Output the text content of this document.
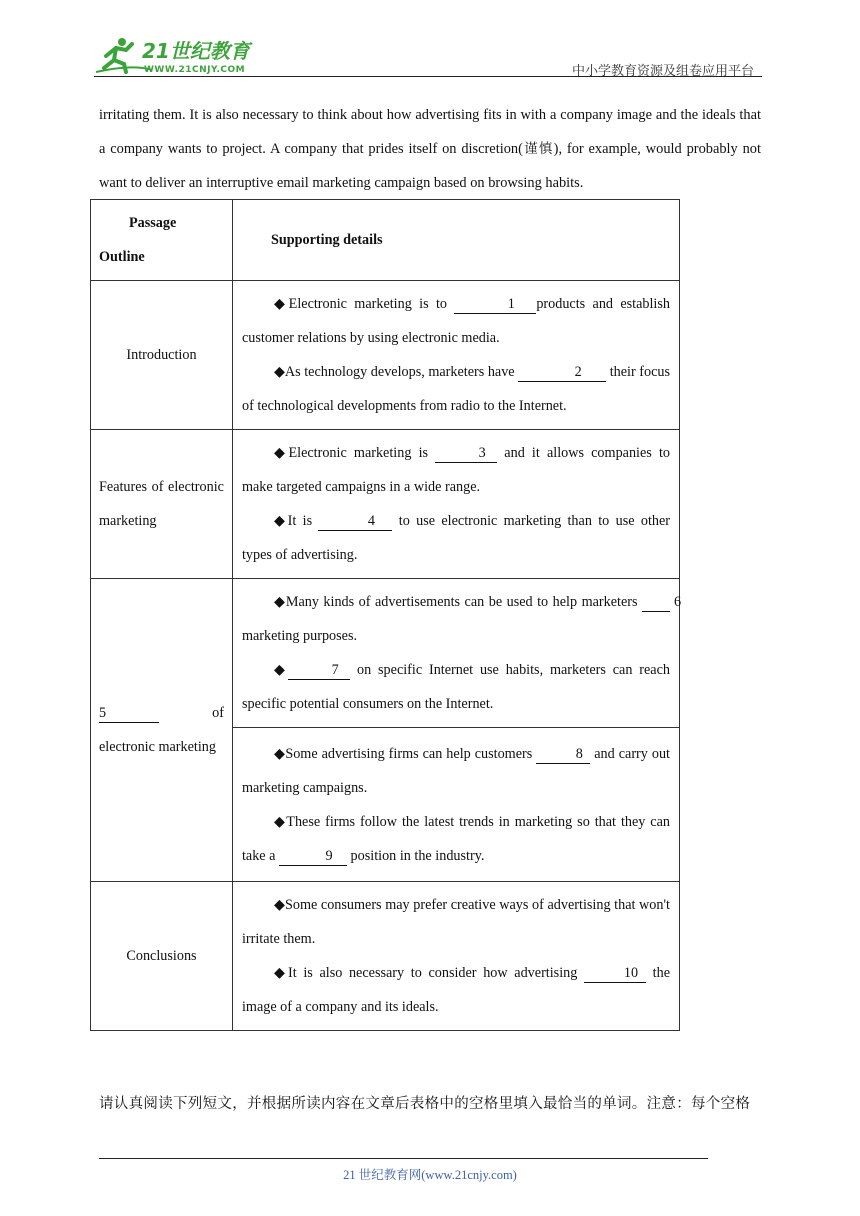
21世纪教育
WWW.21CNJY.COM	中小学教育资源及组卷应用平台
irritating them. It is also necessary to think about how advertising fits in with a company image and the ideals that a company wants to project. A company that prides itself on discretion(谨慎), for example, would probably not want to deliver an interruptive email marketing campaign based on browsing habits.
Passage
Outline	Supporting details
Introduction	◆Electronic marketing is to 1 products and establish customer relations by using electronic media.

◆As technology develops, marketers have 2 their focus of technological developments from radio to the Internet.

Features of electronic marketing	◆Electronic marketing is 3 and it allows companies to make targeted campaigns in a wide range.

◆It is 4 to use electronic marketing than to use other types of advertising.

5 of electronic marketing	◆Many kinds of advertisements can be used to help marketers 6 marketing purposes.

◆ 7 on specific Internet use habits, marketers can reach specific potential consumers on the Internet.

	◆Some advertising firms can help customers 8 and carry out marketing campaigns.

◆These firms follow the latest trends in marketing so that they can take a 9 position in the industry.

Conclusions	◆Some consumers may prefer creative ways of advertising that won't irritate them.

◆It is also necessary to consider how advertising 10 the image of a company and its ideals.

请认真阅读下列短文，并根据所读内容在文章后表格中的空格里填入最恰当的单词。注意：每个空格
21 世纪教育网(www.21cnjy.com)
